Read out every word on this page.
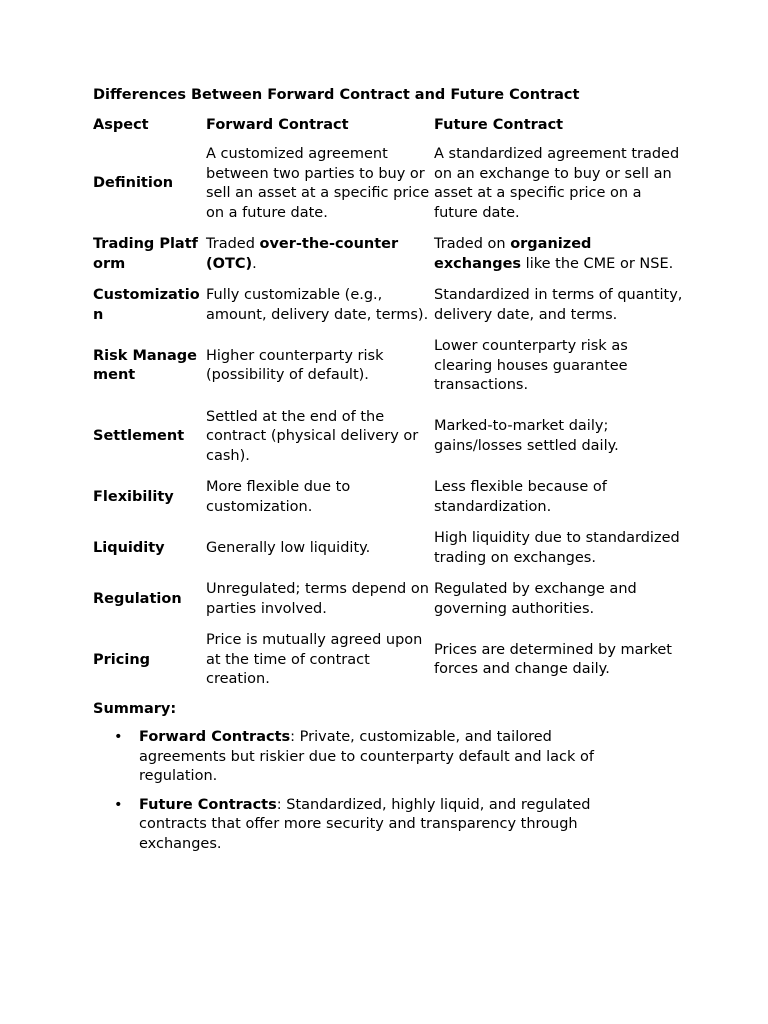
Differences Between Forward Contract and Future Contract
Aspect	Forward Contract	Future Contract
Definition	A customized agreement between two parties to buy or sell an asset at a specific price on a future date.	A standardized agreement traded on an exchange to buy or sell an asset at a specific price on a future date.
Trading Platform	Traded over-the-counter (OTC).	Traded on organized exchanges like the CME or NSE.
Customization	Fully customizable (e.g., amount, delivery date, terms).	Standardized in terms of quantity, delivery date, and terms.
Risk Management	Higher counterparty risk (possibility of default).	Lower counterparty risk as clearing houses guarantee transactions.
Settlement	Settled at the end of the contract (physical delivery or cash).	Marked-to-market daily; gains/losses settled daily.
Flexibility	More flexible due to customization.	Less flexible because of standardization.
Liquidity	Generally low liquidity.	High liquidity due to standardized trading on exchanges.
Regulation	Unregulated; terms depend on parties involved.	Regulated by exchange and governing authorities.
Pricing	Price is mutually agreed upon at the time of contract creation.	Prices are determined by market forces and change daily.
Summary:
• Forward Contracts: Private, customizable, and tailored agreements but riskier due to counterparty default and lack of regulation.
• Future Contracts: Standardized, highly liquid, and regulated contracts that offer more security and transparency through exchanges.
